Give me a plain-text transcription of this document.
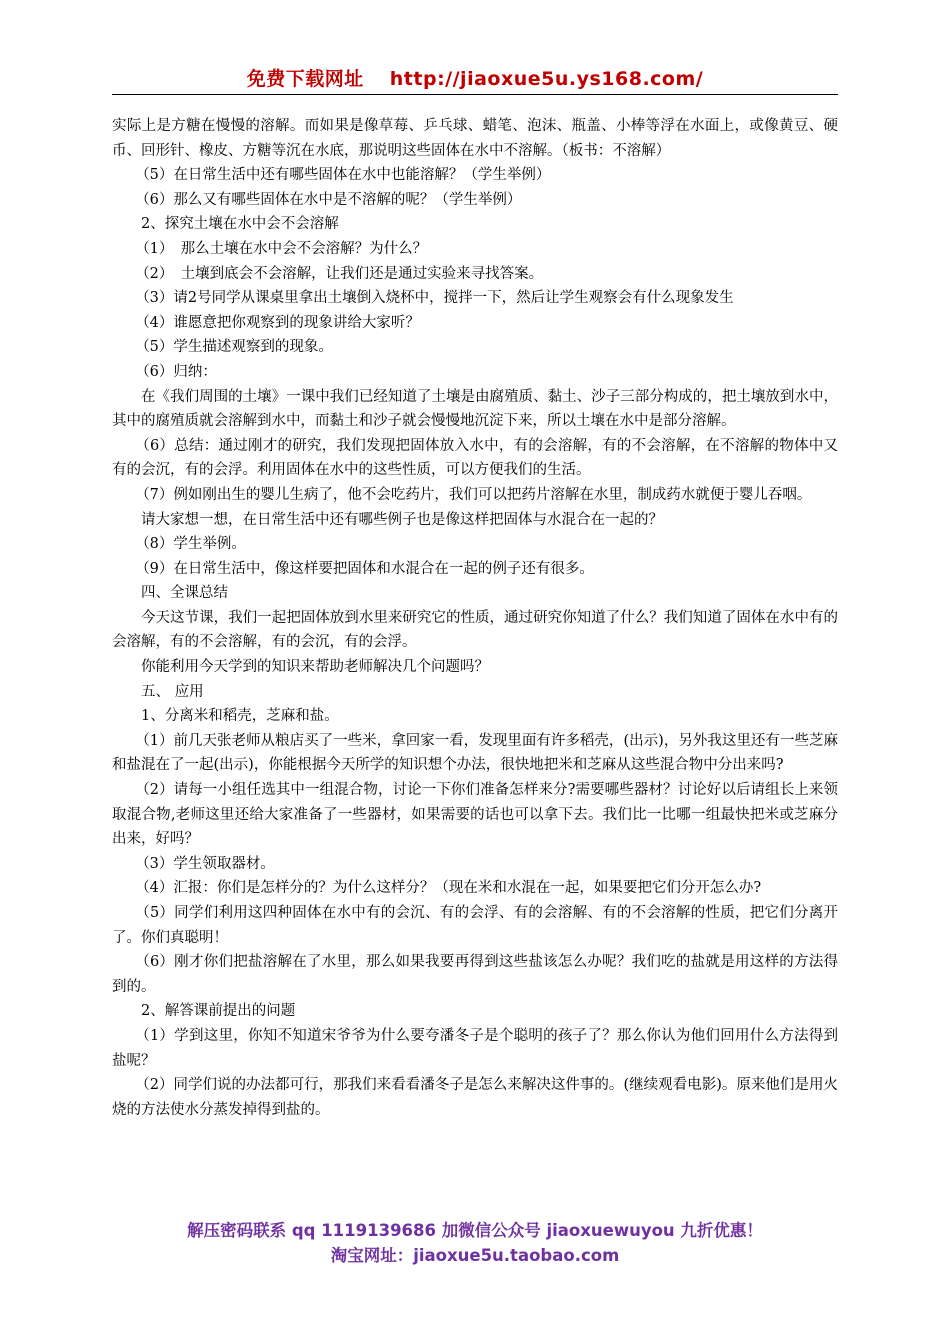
免费下载网址 http://jiaoxue5u.ys168.com/

实际上是方糖在慢慢的溶解。而如果是像草莓、乒乓球、蜡笔、泡沫、瓶盖、小棒等浮在水面上，或像黄豆、硬币、回形针、橡皮、方糖等沉在水底，那说明这些固体在水中不溶解。（板书：不溶解）

（5）在日常生活中还有哪些固体在水中也能溶解？（学生举例）

（6）那么又有哪些固体在水中是不溶解的呢？（学生举例）

2、探究土壤在水中会不会溶解

（1）　那么土壤在水中会不会溶解？为什么？

（2）　土壤到底会不会溶解，让我们还是通过实验来寻找答案。

（3）请2号同学从课桌里拿出土壤倒入烧杯中，搅拌一下，然后让学生观察会有什么现象发生

（4）谁愿意把你观察到的现象讲给大家听？

（5）学生描述观察到的现象。

（6）归纳：

在《我们周围的土壤》一课中我们已经知道了土壤是由腐殖质、黏土、沙子三部分构成的，把土壤放到水中，其中的腐殖质就会溶解到水中，而黏土和沙子就会慢慢地沉淀下来，所以土壤在水中是部分溶解。

（6）总结：通过刚才的研究，我们发现把固体放入水中，有的会溶解，有的不会溶解，在不溶解的物体中又有的会沉，有的会浮。利用固体在水中的这些性质，可以方便我们的生活。

（7）例如刚出生的婴儿生病了，他不会吃药片，我们可以把药片溶解在水里，制成药水就便于婴儿吞咽。

请大家想一想，在日常生活中还有哪些例子也是像这样把固体与水混合在一起的？

（8）学生举例。

（9）在日常生活中，像这样要把固体和水混合在一起的例子还有很多。

四、全课总结

今天这节课，我们一起把固体放到水里来研究它的性质，通过研究你知道了什么？我们知道了固体在水中有的会溶解，有的不会溶解，有的会沉，有的会浮。

你能利用今天学到的知识来帮助老师解决几个问题吗？

五、 应用

1、分离米和稻壳，芝麻和盐。

（1）前几天张老师从粮店买了一些米，拿回家一看，发现里面有许多稻壳，(出示)，另外我这里还有一些芝麻和盐混在了一起(出示)，你能根据今天所学的知识想个办法，很快地把米和芝麻从这些混合物中分出来吗?

（2）请每一小组任选其中一组混合物，讨论一下你们准备怎样来分?需要哪些器材？讨论好以后请组长上来领取混合物,老师这里还给大家准备了一些器材，如果需要的话也可以拿下去。我们比一比哪一组最快把米或芝麻分出来，好吗？

（3）学生领取器材。

（4）汇报：你们是怎样分的？为什么这样分？（现在米和水混在一起，如果要把它们分开怎么办?

（5）同学们利用这四种固体在水中有的会沉、有的会浮、有的会溶解、有的不会溶解的性质，把它们分离开了。你们真聪明！

（6）刚才你们把盐溶解在了水里，那么如果我要再得到这些盐该怎么办呢？我们吃的盐就是用这样的方法得到的。

2、解答课前提出的问题

（1）学到这里，你知不知道宋爷爷为什么要夸潘冬子是个聪明的孩子了？那么你认为他们回用什么方法得到盐呢？

（2）同学们说的办法都可行，那我们来看看潘冬子是怎么来解决这件事的。(继续观看电影)。原来他们是用火烧的方法使水分蒸发掉得到盐的。

解压密码联系 qq 1119139686 加微信公众号 jiaoxuewuyou 九折优惠！
淘宝网址：jiaoxue5u.taobao.com
